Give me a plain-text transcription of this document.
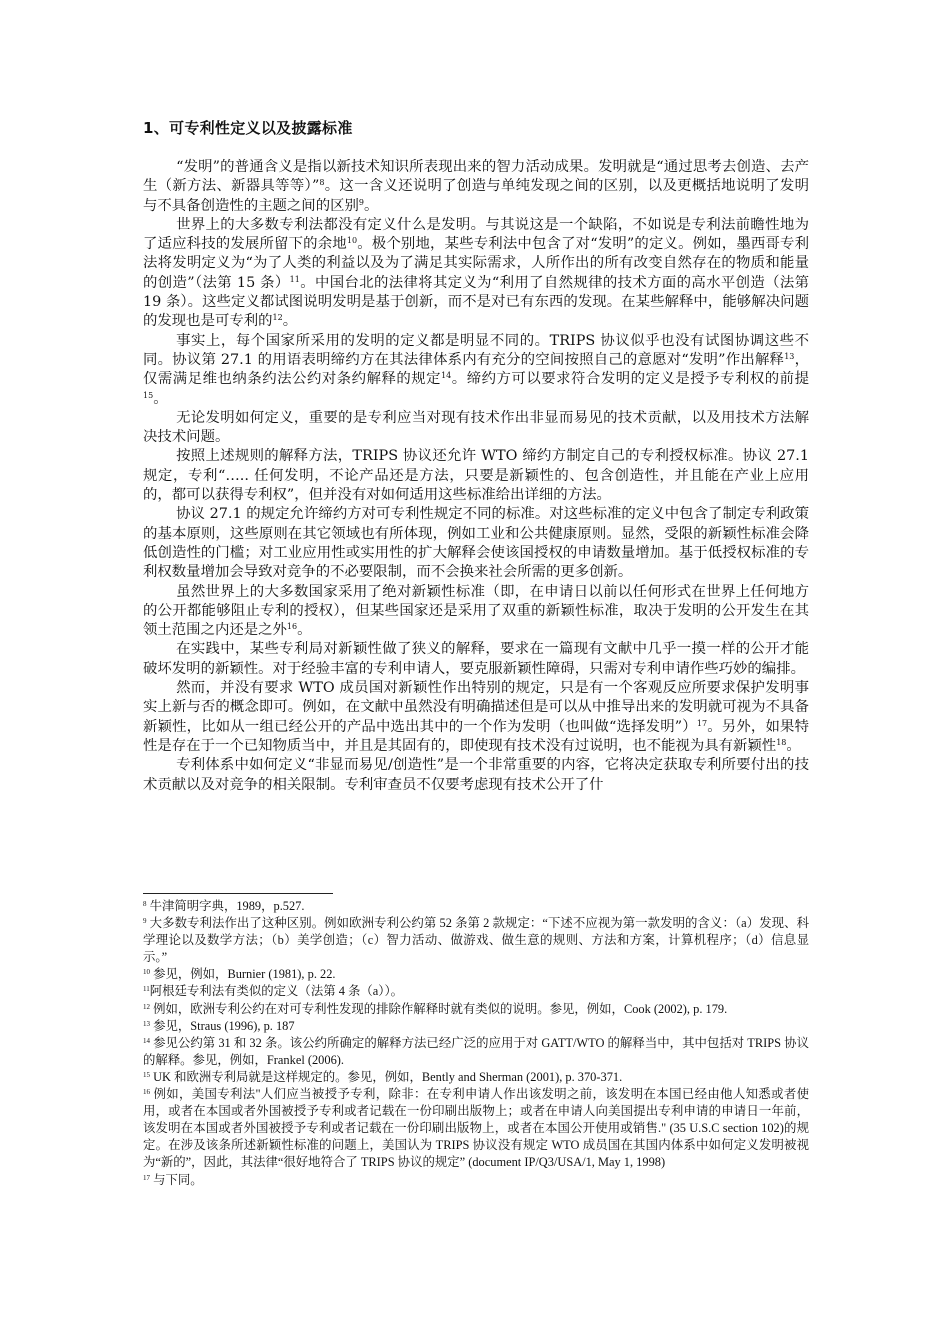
1、可专利性定义以及披露标准

“发明”的普通含义是指以新技术知识所表现出来的智力活动成果。发明就是“通过思考去创造、去产生（新方法、新器具等等）”$^8$。这一含义还说明了创造与单纯发现之间的区别，以及更概括地说明了发明与不具备创造性的主题之间的区别$^9$。

世界上的大多数专利法都没有定义什么是发明。与其说这是一个缺陷，不如说是专利法前瞻性地为了适应科技的发展所留下的余地$^{10}$。极个别地，某些专利法中包含了对“发明”的定义。例如，墨西哥专利法将发明定义为“为了人类的利益以及为了满足其实际需求，人所作出的所有改变自然存在的物质和能量的创造”（法第 15 条）$^{11}$。中国台北的法律将其定义为“利用了自然规律的技术方面的高水平创造（法第 19 条）。这些定义都试图说明发明是基于创新，而不是对已有东西的发现。在某些解释中，能够解决问题的发现也是可专利的$^{12}$。

事实上，每个国家所采用的发明的定义都是明显不同的。TRIPS 协议似乎也没有试图协调这些不同。协议第 27.1 的用语表明缔约方在其法律体系内有充分的空间按照自己的意愿对“发明”作出解释$^{13}$，仅需满足维也纳条约法公约对条约解释的规定$^{14}$。缔约方可以要求符合发明的定义是授予专利权的前提$^{15}$。

无论发明如何定义，重要的是专利应当对现有技术作出非显而易见的技术贡献，以及用技术方法解决技术问题。

按照上述规则的解释方法，TRIPS 协议还允许 WTO 缔约方制定自己的专利授权标准。协议 27.1 规定，专利“….. 任何发明，不论产品还是方法，只要是新颖性的、包含创造性，并且能在产业上应用的，都可以获得专利权”，但并没有对如何适用这些标准给出详细的方法。

协议 27.1 的规定允许缔约方对可专利性规定不同的标准。对这些标准的定义中包含了制定专利政策的基本原则，这些原则在其它领域也有所体现，例如工业和公共健康原则。显然，受限的新颖性标准会降低创造性的门槛；对工业应用性或实用性的扩大解释会使该国授权的申请数量增加。基于低授权标准的专利权数量增加会导致对竞争的不必要限制，而不会换来社会所需的更多创新。

虽然世界上的大多数国家采用了绝对新颖性标准（即，在申请日以前以任何形式在世界上任何地方的公开都能够阻止专利的授权），但某些国家还是采用了双重的新颖性标准，取决于发明的公开发生在其领土范围之内还是之外$^{16}$。

在实践中，某些专利局对新颖性做了狭义的解释，要求在一篇现有文献中几乎一摸一样的公开才能破坏发明的新颖性。对于经验丰富的专利申请人，要克服新颖性障碍，只需对专利申请作些巧妙的编排。

然而，并没有要求 WTO 成员国对新颖性作出特别的规定，只是有一个客观反应所要求保护发明事实上新与否的概念即可。例如，在文献中虽然没有明确描述但是可以从中推导出来的发明就可视为不具备新颖性，比如从一组已经公开的产品中选出其中的一个作为发明（也叫做“选择发明”）$^{17}$。另外，如果特性是存在于一个已知物质当中，并且是其固有的，即使现有技术没有过说明，也不能视为具有新颖性$^{18}$。

专利体系中如何定义“非显而易见/创造性”是一个非常重要的内容，它将决定获取专利所要付出的技术贡献以及对竞争的相关限制。专利审查员不仅要考虑现有技术公开了什

$^8$ 牛津简明字典，1989，p.527.

$^9$ 大多数专利法作出了这种区别。例如欧洲专利公约第 52 条第 2 款规定：“下述不应视为第一款发明的含义：（a）发现、科学理论以及数学方法；（b）美学创造；（c）智力活动、做游戏、做生意的规则、方法和方案，计算机程序；（d）信息显示。”

$^{10}$ 参见，例如，Burnier (1981), p. 22.

$^{11}$阿根廷专利法有类似的定义（法第 4 条（a））。

$^{12}$ 例如，欧洲专利公约在对可专利性发现的排除作解释时就有类似的说明。参见，例如，Cook (2002), p. 179.

$^{13}$ 参见，Straus (1996), p. 187

$^{14}$ 参见公约第 31 和 32 条。该公约所确定的解释方法已经广泛的应用于对 GATT/WTO 的解释当中，其中包括对 TRIPS 协议的解释。参见，例如，Frankel (2006).

$^{15}$ UK 和欧洲专利局就是这样规定的。参见，例如，Bently and Sherman (2001), p. 370-371.

$^{16}$ 例如，美国专利法"人们应当被授予专利，除非：在专利申请人作出该发明之前，该发明在本国已经由他人知悉或者使用，或者在本国或者外国被授予专利或者记载在一份印刷出版物上；或者在申请人向美国提出专利申请的申请日一年前，该发明在本国或者外国被授予专利或者记载在一份印刷出版物上，或者在本国公开使用或销售." (35 U.S.C section 102)的规定。在涉及该条所述新颖性标准的问题上，美国认为 TRIPS 协议没有规定 WTO 成员国在其国内体系中如何定义发明被视为“新的”，因此，其法律“很好地符合了 TRIPS 协议的规定” (document IP/Q3/USA/1, May 1, 1998)

$^{17}$ 与下同。
